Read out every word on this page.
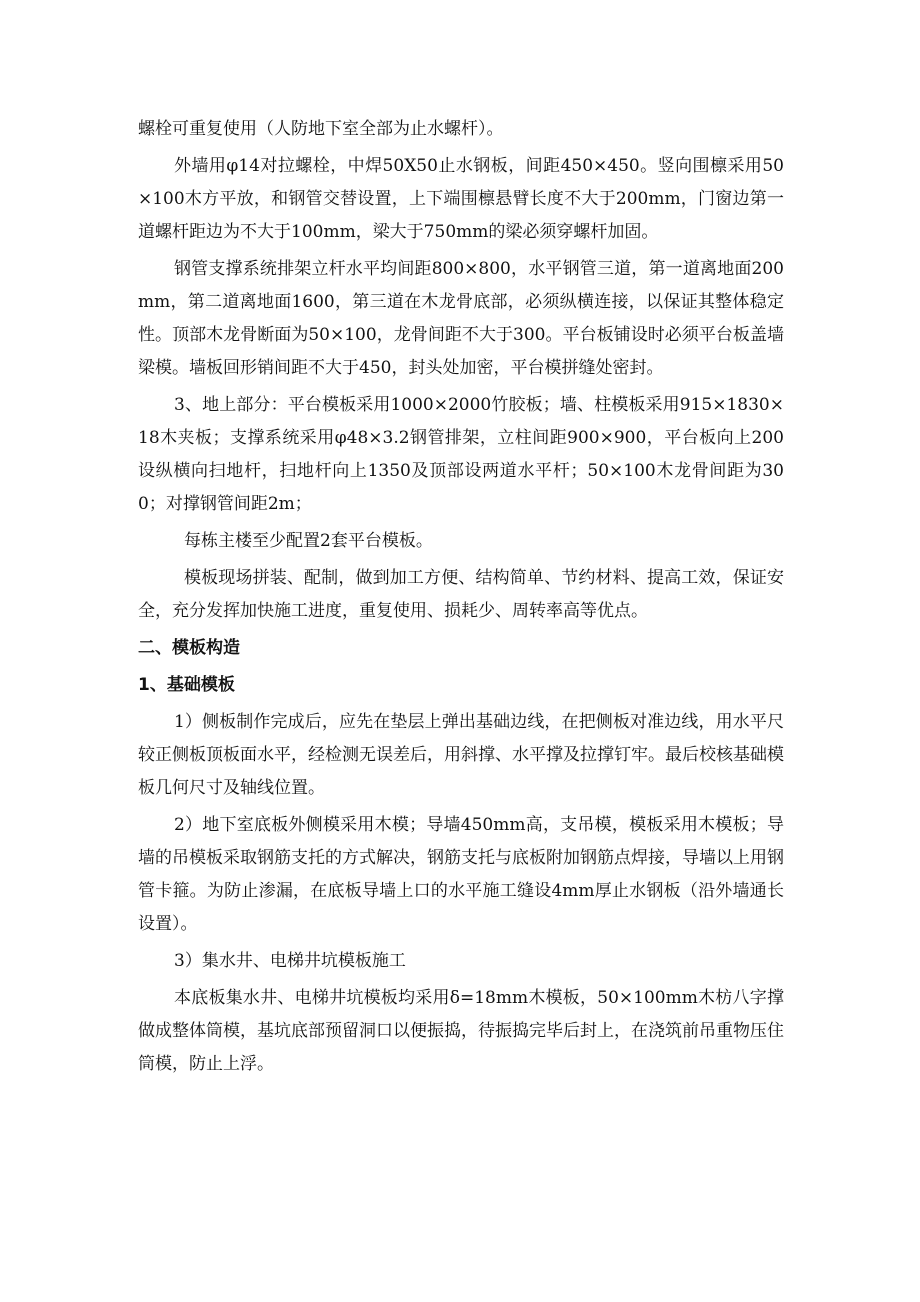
螺栓可重复使用（人防地下室全部为止水螺杆）。

外墙用φ14对拉螺栓，中焊50X50止水钢板，间距450×450。竖向围檩采用50×100木方平放，和钢管交替设置，上下端围檩悬臂长度不大于200mm，门窗边第一道螺杆距边为不大于100mm，梁大于750mm的梁必须穿螺杆加固。

钢管支撑系统排架立杆水平均间距800×800，水平钢管三道，第一道离地面200mm，第二道离地面1600，第三道在木龙骨底部，必须纵横连接，以保证其整体稳定性。顶部木龙骨断面为50×100，龙骨间距不大于300。平台板铺设时必须平台板盖墙梁模。墙板回形销间距不大于450，封头处加密，平台模拼缝处密封。

3、地上部分：平台模板采用1000×2000竹胶板；墙、柱模板采用915×1830×18木夹板；支撑系统采用φ48×3.2钢管排架，立柱间距900×900，平台板向上200设纵横向扫地杆，扫地杆向上1350及顶部设两道水平杆；50×100木龙骨间距为300；对撑钢管间距2m；

每栋主楼至少配置2套平台模板。

模板现场拼装、配制，做到加工方便、结构简单、节约材料、提高工效，保证安全，充分发挥加快施工进度，重复使用、损耗少、周转率高等优点。

二、模板构造
1、基础模板

1）侧板制作完成后，应先在垫层上弹出基础边线，在把侧板对准边线，用水平尺较正侧板顶板面水平，经检测无误差后，用斜撑、水平撑及拉撑钉牢。最后校核基础模板几何尺寸及轴线位置。

2）地下室底板外侧模采用木模；导墙450mm高，支吊模，模板采用木模板；导墙的吊模板采取钢筋支托的方式解决，钢筋支托与底板附加钢筋点焊接，导墙以上用钢管卡箍。为防止渗漏，在底板导墙上口的水平施工缝设4mm厚止水钢板（沿外墙通长设置）。

3）集水井、电梯井坑模板施工

本底板集水井、电梯井坑模板均采用δ=18mm木模板，50×100mm木枋八字撑做成整体筒模，基坑底部预留洞口以便振捣，待振捣完毕后封上，在浇筑前吊重物压住筒模，防止上浮。
